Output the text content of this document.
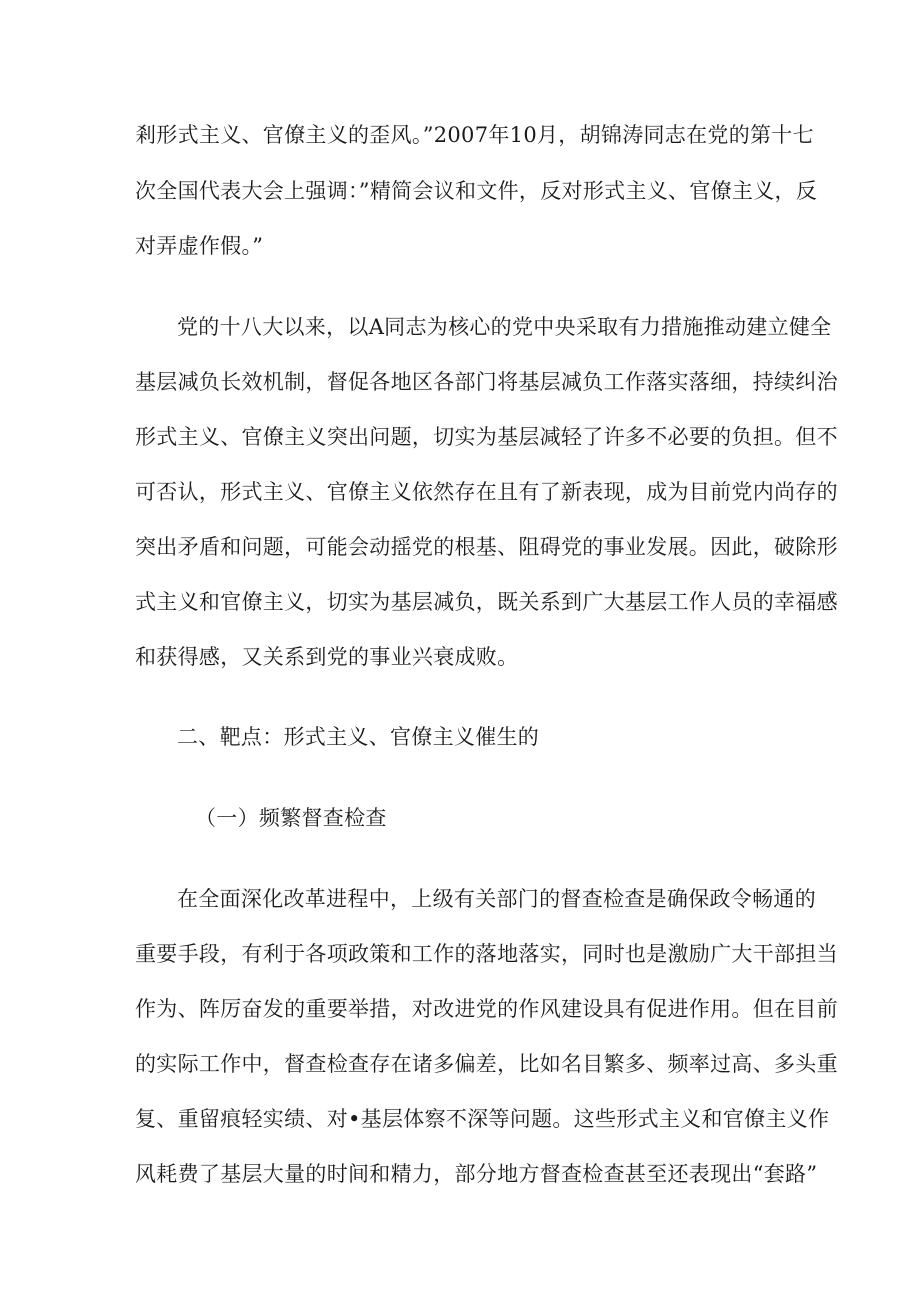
剎形式主义、官僚主义的歪风。”2007年10月，胡锦涛同志在党的第十七
次全国代表大会上强调：”精简会议和文件，反对形式主义、官僚主义，反
对弄虚作假。”
党的十八大以来，以A同志为核心的党中央采取有力措施推动建立健全
基层减负长效机制，督促各地区各部门将基层减负工作落实落细，持续纠治
形式主义、官僚主义突出问题，切实为基层减轻了许多不必要的负担。但不
可否认，形式主义、官僚主义依然存在且有了新表现，成为目前党内尚存的
突出矛盾和问题，可能会动摇党的根基、阻碍党的事业发展。因此，破除形
式主义和官僚主义，切实为基层减负，既关系到广大基层工作人员的幸福感
和获得感，又关系到党的事业兴衰成败。
二、靶点：形式主义、官僚主义催生的
（一）频繁督查检查
在全面深化改革进程中，上级有关部门的督查检查是确保政令畅通的
重要手段，有利于各项政策和工作的落地落实，同时也是激励广大干部担当
作为、阵厉奋发的重要举措，对改进党的作风建设具有促进作用。但在目前
的实际工作中，督查检查存在诸多偏差，比如名目繁多、频率过高、多头重
复、重留痕轻实绩、对•基层体察不深等问题。这些形式主义和官僚主义作
风耗费了基层大量的时间和精力，部分地方督查检查甚至还表现出“套路”
